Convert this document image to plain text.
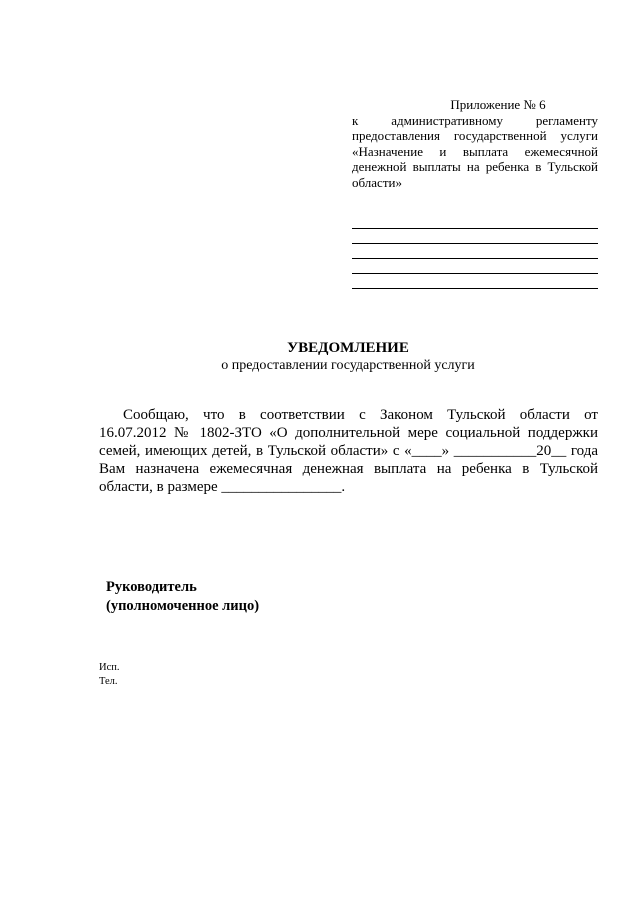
Приложение № 6
к административному регламенту
предоставления государственной услуги
«Назначение и выплата ежемесячной
денежной выплаты на ребенка в Тульской
области»
УВЕДОМЛЕНИЕ
о предоставлении государственной услуги
Сообщаю, что в соответствии с Законом Тульской области от
16.07.2012 № 1802-ЗТО «О дополнительной мере социальной поддержки
семей, имеющих детей, в Тульской области» с «____» ___________20__ года
Вам назначена ежемесячная денежная выплата на ребенка в Тульской
области, в размере ________________.
Руководитель
(уполномоченное лицо)
Исп.
Тел.
